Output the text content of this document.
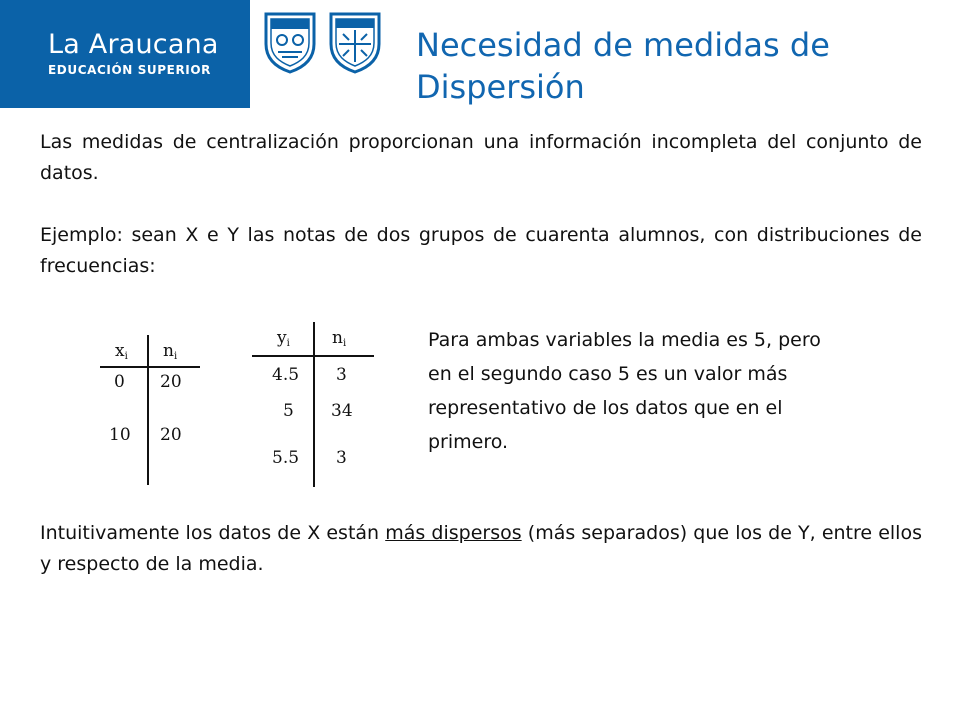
La Araucana
EDUCACIÓN SUPERIOR
Necesidad de medidas de Dispersión

Las medidas de centralización proporcionan una información incompleta del conjunto de datos.

Ejemplo: sean X e Y las notas de dos grupos de cuarenta alumnos, con distribuciones de frecuencias:

$x_i$ $n_i$
0 20
10 20
$y_i$ $n_i$
4.5 3
5 34
5.5 3

Para ambas variables la media es 5, pero en el segundo caso 5 es un valor más representativo de los datos que en el primero.

Intuitivamente los datos de X están más dispersos (más separados) que los de Y, entre ellos y respecto de la media.
